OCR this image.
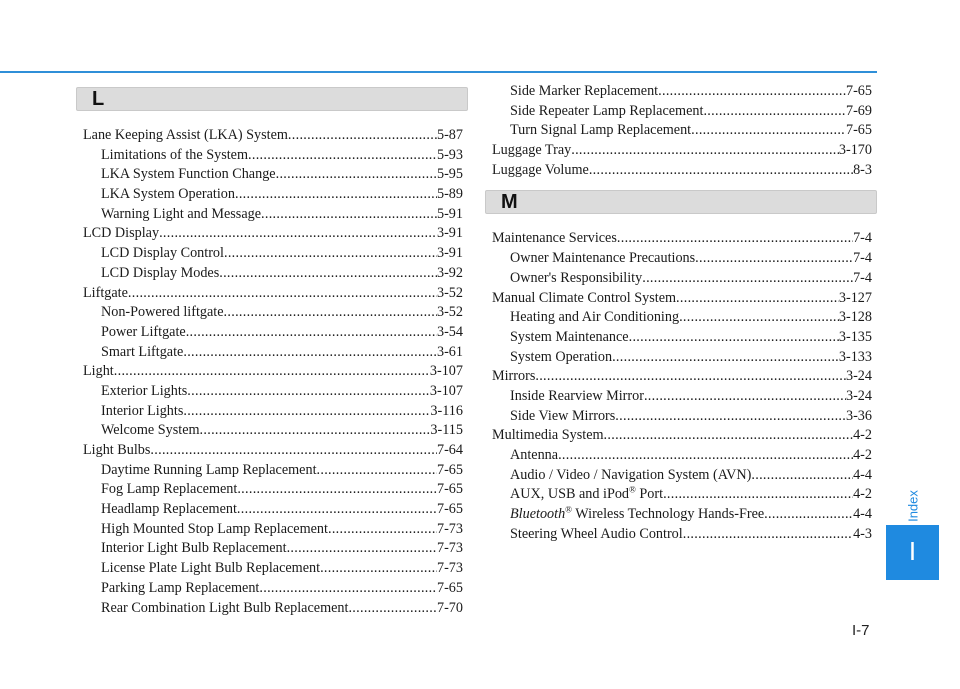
L
Lane Keeping Assist (LKA) System .....	5-87
Limitations of the System .....	5-93
LKA System Function Change .....	5-95
LKA System Operation .....	5-89
Warning Light and Message .....	5-91
LCD Display .....	3-91
LCD Display Control .....	3-91
LCD Display Modes .....	3-92
Liftgate .....	3-52
Non-Powered liftgate .....	3-52
Power Liftgate .....	3-54
Smart Liftgate .....	3-61
Light .....	3-107
Exterior Lights .....	3-107
Interior Lights .....	3-116
Welcome System .....	3-115
Light Bulbs .....	7-64
Daytime Running Lamp Replacement .....	7-65
Fog Lamp Replacement .....	7-65
Headlamp Replacement .....	7-65
High Mounted Stop Lamp Replacement .....	7-73
Interior Light Bulb Replacement .....	7-73
License Plate Light Bulb Replacement .....	7-73
Parking Lamp Replacement .....	7-65
Rear Combination Light Bulb Replacement .....	7-70
Side Marker Replacement .....	7-65
Side Repeater Lamp Replacement .....	7-69
Turn Signal Lamp Replacement .....	7-65
Luggage Tray .....	3-170
Luggage Volume .....	8-3
M
Maintenance Services .....	7-4
Owner Maintenance Precautions .....	7-4
Owner's Responsibility .....	7-4
Manual Climate Control System .....	3-127
Heating and Air Conditioning .....	3-128
System Maintenance .....	3-135
System Operation .....	3-133
Mirrors .....	3-24
Inside Rearview Mirror .....	3-24
Side View Mirrors .....	3-36
Multimedia System .....	4-2
Antenna .....	4-2
Audio / Video / Navigation System (AVN) .....	4-4
AUX, USB and iPod® Port .....	4-2
Bluetooth® Wireless Technology Hands-Free .....	4-4
Steering Wheel Audio Control .....	4-3
Index
I
I-7
